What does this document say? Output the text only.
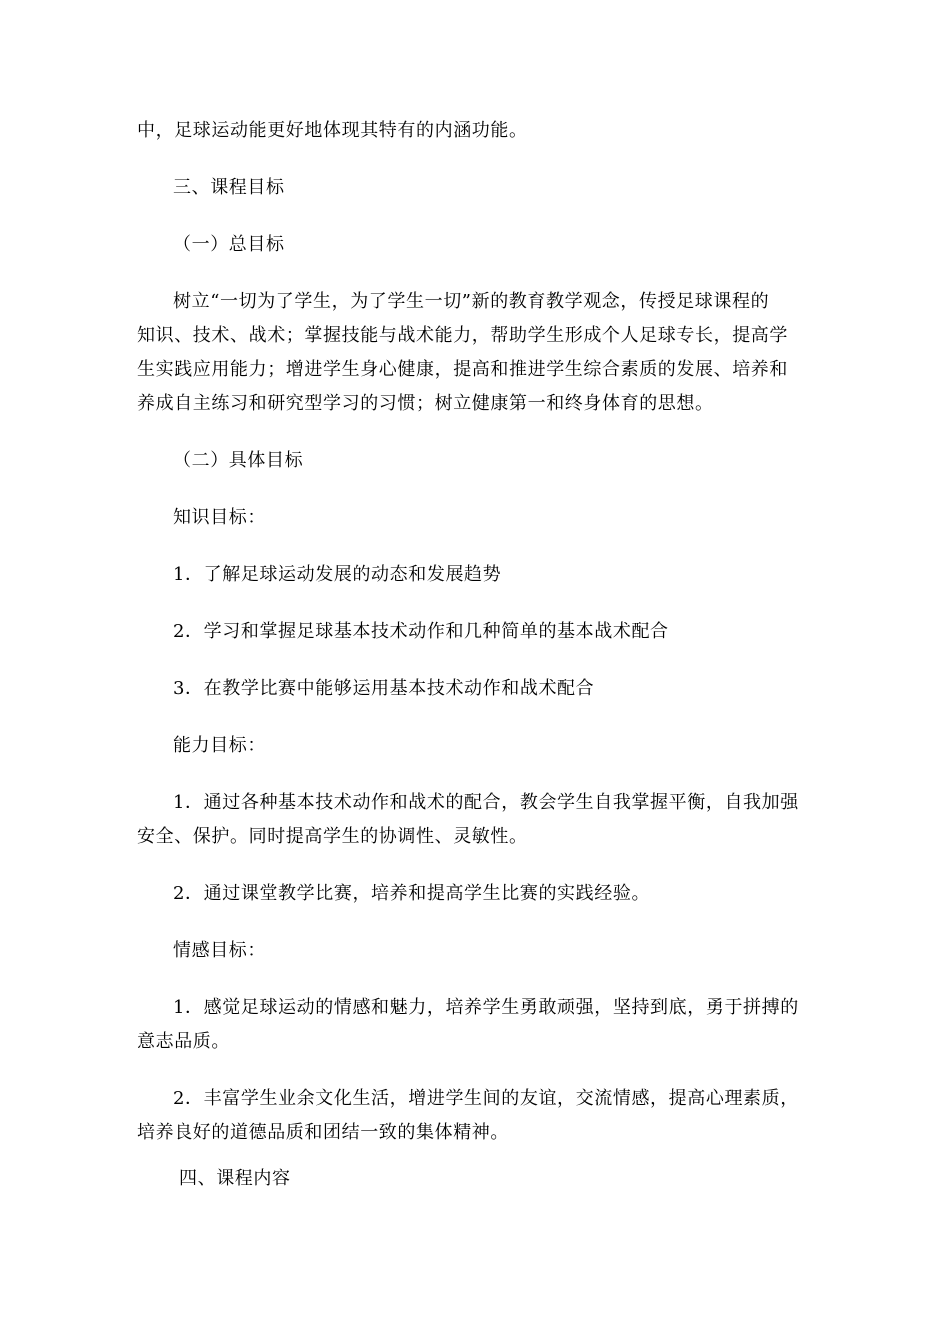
中，足球运动能更好地体现其特有的内涵功能。
三、课程目标
（一）总目标
树立“一切为了学生，为了学生一切”新的教育教学观念，传授足球课程的
知识、技术、战术；掌握技能与战术能力，帮助学生形成个人足球专长，提高学
生实践应用能力；增进学生身心健康，提高和推进学生综合素质的发展、培养和
养成自主练习和研究型学习的习惯；树立健康第一和终身体育的思想。
（二）具体目标
知识目标：
1．了解足球运动发展的动态和发展趋势
2．学习和掌握足球基本技术动作和几种简单的基本战术配合
3．在教学比赛中能够运用基本技术动作和战术配合
能力目标：
1．通过各种基本技术动作和战术的配合，教会学生自我掌握平衡，自我加强
安全、保护。同时提高学生的协调性、灵敏性。
2．通过课堂教学比赛，培养和提高学生比赛的实践经验。
情感目标：
1．感觉足球运动的情感和魅力，培养学生勇敢顽强，坚持到底，勇于拼搏的
意志品质。
2．丰富学生业余文化生活，增进学生间的友谊，交流情感，提高心理素质，
培养良好的道德品质和团结一致的集体精神。
四、课程内容
